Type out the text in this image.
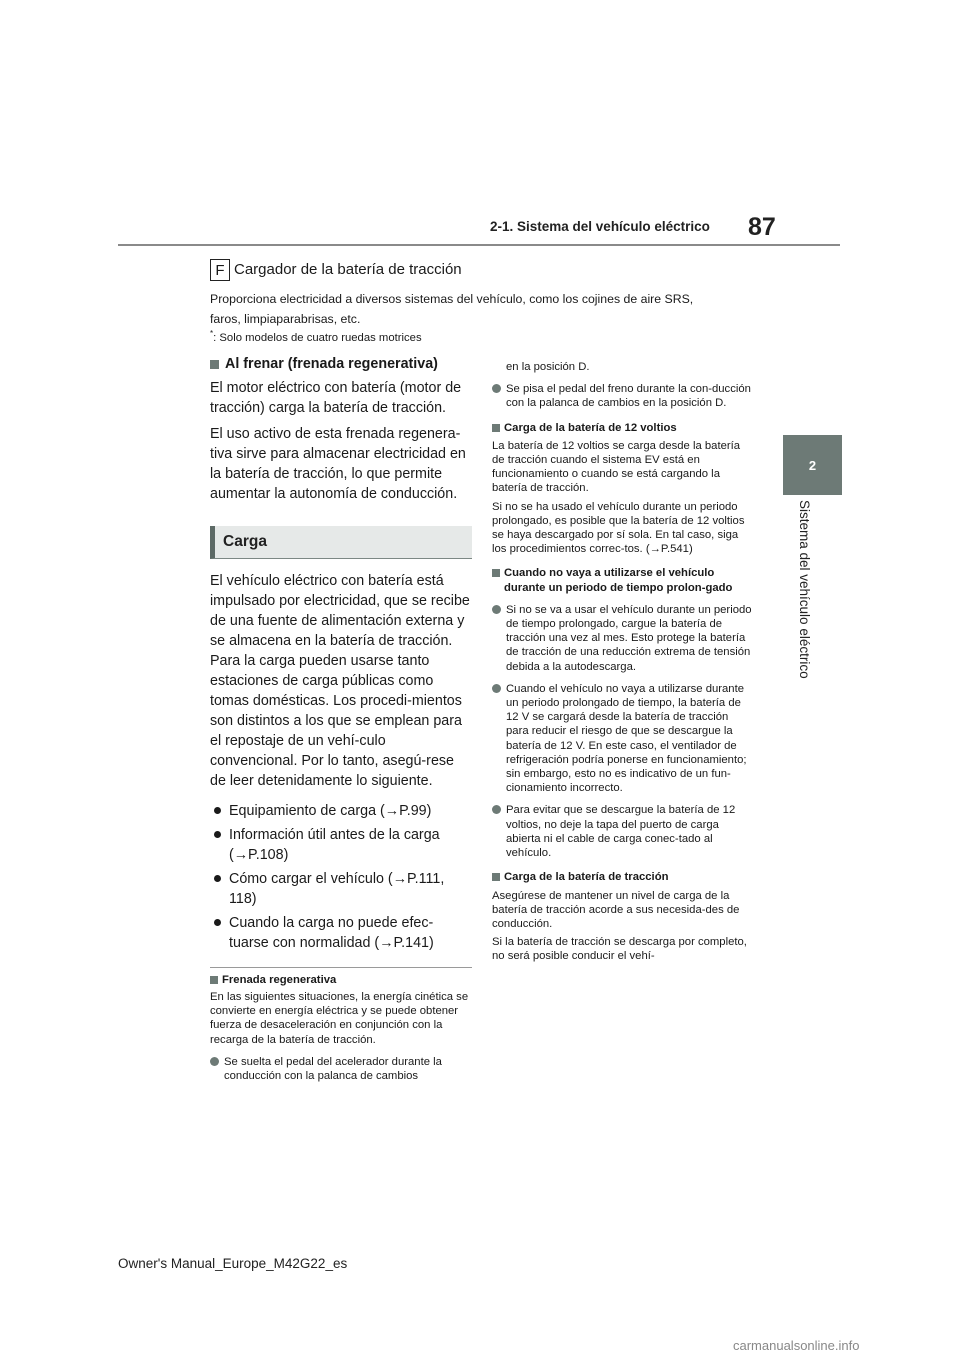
87
2-1. Sistema del vehículo eléctrico
2
Sistema del vehículo eléctrico
F Cargador de la batería de tracción
Proporciona electricidad a diversos sistemas del vehículo, como los cojines de aire SRS,
faros, limpiaparabrisas, etc.
*: Solo modelos de cuatro ruedas motrices
Al frenar (frenada regenerativa)

El motor eléctrico con batería (motor de tracción) carga la batería de tracción.

El uso activo de esta frenada regenera-tiva sirve para almacenar electricidad en la batería de tracción, lo que permite aumentar la autonomía de conducción.

Carga

El vehículo eléctrico con batería está impulsado por electricidad, que se recibe de una fuente de alimentación externa y se almacena en la batería de tracción. Para la carga pueden usarse tanto estaciones de carga públicas como tomas domésticas. Los procedi-mientos son distintos a los que se emplean para el repostaje de un vehí-culo convencional. Por lo tanto, asegú-rese de leer detenidamente lo siguiente.

Equipamiento de carga (→P.99)
Información útil antes de la carga (→P.108)
Cómo cargar el vehículo (→P.111, 118)
Cuando la carga no puede efec-tuarse con normalidad (→P.141)
Frenada regenerativa

En las siguientes situaciones, la energía cinética se convierte en energía eléctrica y se puede obtener fuerza de desaceleración en conjunción con la recarga de la batería de tracción.

Se suelta el pedal del acelerador durante la conducción con la palanca de cambios
en la posición D.
Se pisa el pedal del freno durante la con-ducción con la palanca de cambios en la posición D.
Carga de la batería de 12 voltios

La batería de 12 voltios se carga desde la batería de tracción cuando el sistema EV está en funcionamiento o cuando se está cargando la batería de tracción.

Si no se ha usado el vehículo durante un periodo prolongado, es posible que la batería de 12 voltios se haya descargado por sí sola. En tal caso, siga los procedimientos correc-tos. (→P.541)

Cuando no vaya a utilizarse el vehículo durante un periodo de tiempo prolon-gado
Si no se va a usar el vehículo durante un periodo de tiempo prolongado, cargue la batería de tracción una vez al mes. Esto protege la batería de tracción de una reducción extrema de tensión debida a la autodescarga.
Cuando el vehículo no vaya a utilizarse durante un periodo prolongado de tiempo, la batería de 12 V se cargará desde la batería de tracción para reducir el riesgo de que se descargue la batería de 12 V. En este caso, el ventilador de refrigeración podría ponerse en funcionamiento; sin embargo, esto no es indicativo de un fun-cionamiento incorrecto.
Para evitar que se descargue la batería de 12 voltios, no deje la tapa del puerto de carga abierta ni el cable de carga conec-tado al vehículo.
Carga de la batería de tracción

Asegúrese de mantener un nivel de carga de la batería de tracción acorde a sus necesida-des de conducción.

Si la batería de tracción se descarga por completo, no será posible conducir el vehí-

Owner's Manual_Europe_M42G22_es
carmanualsonline.info
